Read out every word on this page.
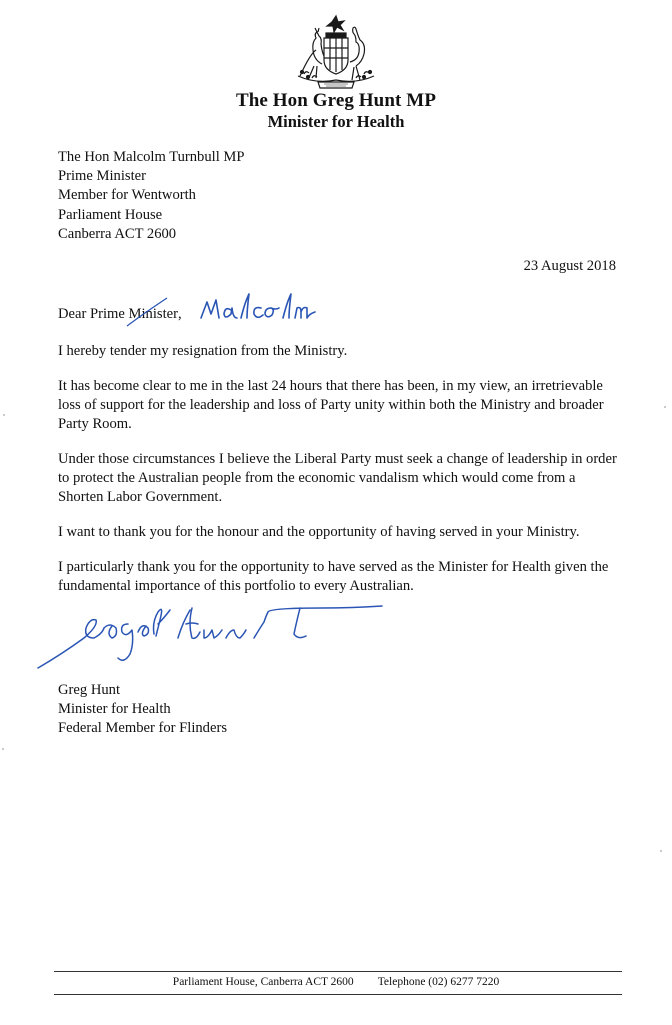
The Hon Greg Hunt MP
Minister for Health
The Hon Malcolm Turnbull MP
Prime Minister
Member for Wentworth
Parliament House
Canberra ACT 2600
23 August 2018
Dear Prime Minister
,

I hereby tender my resignation from the Ministry.

It has become clear to me in the last 24 hours that there has been, in my view, an irretrievable loss of support for the leadership and loss of Party unity within both the Ministry and broader Party Room.

Under those circumstances I believe the Liberal Party must seek a change of leadership in order to protect the Australian people from the economic vandalism which would come from a Shorten Labor Government.

I want to thank you for the honour and the opportunity of having served in your Ministry.

I particularly thank you for the opportunity to have served as the Minister for Health given the fundamental importance of this portfolio to every Australian.

Greg Hunt
Minister for Health
Federal Member for Flinders
Parliament House, Canberra ACT 2600 Telephone (02) 6277 7220
